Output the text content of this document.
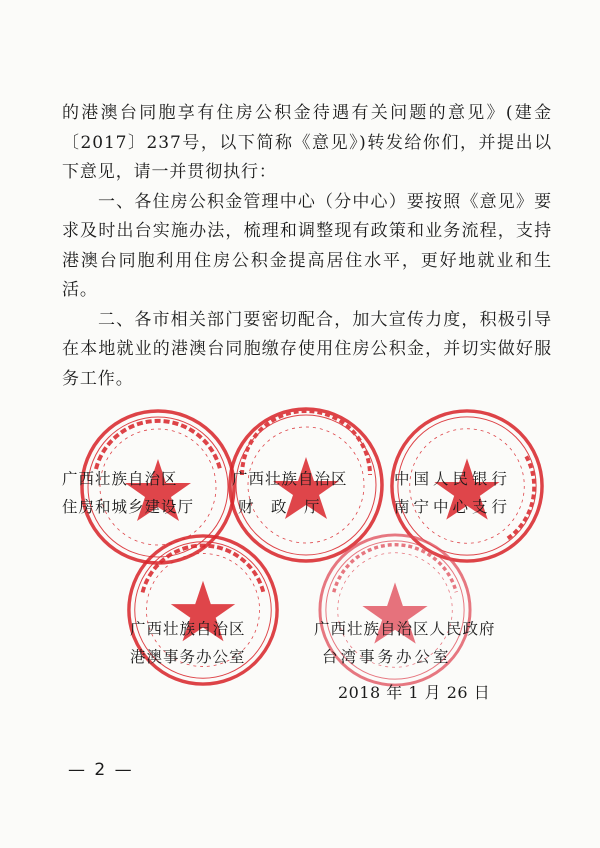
的港澳台同胞享有住房公积金待遇有关问题的意见》(建金〔2017〕237号，以下简称《意见》)转发给你们，并提出以下意见，请一并贯彻执行：

一、各住房公积金管理中心（分中心）要按照《意见》要求及时出台实施办法，梳理和调整现有政策和业务流程，支持港澳台同胞利用住房公积金提高居住水平，更好地就业和生活。

二、各市相关部门要密切配合，加大宣传力度，积极引导在本地就业的港澳台同胞缴存使用住房公积金，并切实做好服务工作。

广西壮族自治区
住房和城乡建设厅
广西壮族自治区
财　政　厅
中国人民银行
南宁中心支行
广西壮族自治区
港澳事务办公室
广西壮族自治区人民政府
台湾事务办公室
2018 年 1 月 26 日
— 2 —
